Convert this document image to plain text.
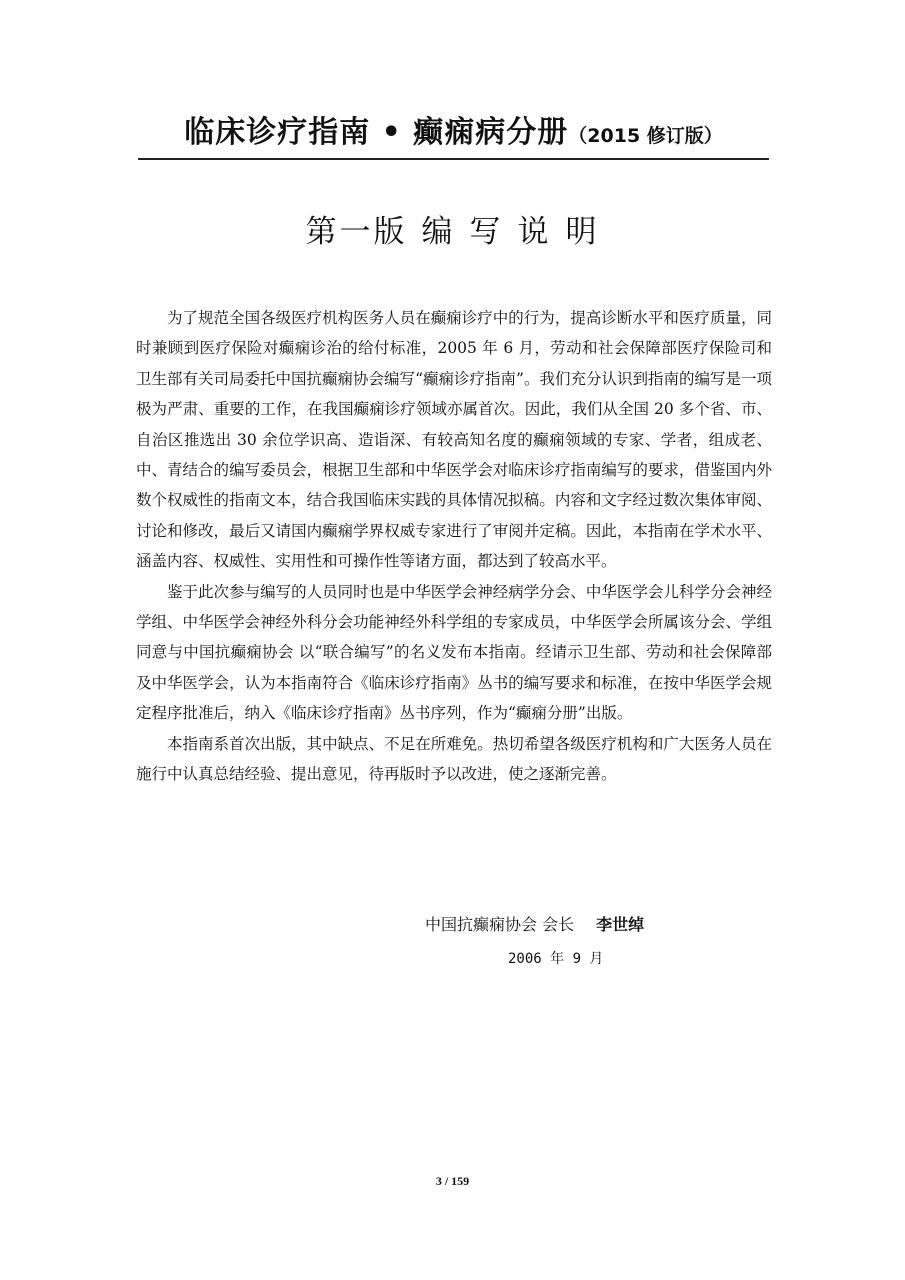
临床诊疗指南 • 癫痫病分册（2015 修订版）
第一版 编 写 说 明

为了规范全国各级医疗机构医务人员在癫痫诊疗中的行为，提高诊断水平和医疗质量，同时兼顾到医疗保险对癫痫诊治的给付标准，2005 年 6 月，劳动和社会保障部医疗保险司和卫生部有关司局委托中国抗癫痫协会编写“癫痫诊疗指南”。我们充分认识到指南的编写是一项极为严肃、重要的工作，在我国癫痫诊疗领域亦属首次。因此，我们从全国 20 多个省、市、自治区推选出 30 余位学识高、造诣深、有较高知名度的癫痫领域的专家、学者，组成老、中、青结合的编写委员会，根据卫生部和中华医学会对临床诊疗指南编写的要求，借鉴国内外数个权威性的指南文本，结合我国临床实践的具体情况拟稿。内容和文字经过数次集体审阅、讨论和修改，最后又请国内癫痫学界权威专家进行了审阅并定稿。因此，本指南在学术水平、涵盖内容、权威性、实用性和可操作性等诸方面，都达到了较高水平。

鉴于此次参与编写的人员同时也是中华医学会神经病学分会、中华医学会儿科学分会神经学组、中华医学会神经外科分会功能神经外科学组的专家成员，中华医学会所属该分会、学组同意与中国抗癫痫协会 以“联合编写”的名义发布本指南。经请示卫生部、劳动和社会保障部及中华医学会，认为本指南符合《临床诊疗指南》丛书的编写要求和标准，在按中华医学会规定程序批准后，纳入《临床诊疗指南》丛书序列，作为“癫痫分册”出版。

本指南系首次出版，其中缺点、不足在所难免。热切希望各级医疗机构和广大医务人员在施行中认真总结经验、提出意见，待再版时予以改进，使之逐渐完善。

中国抗癫痫协会 会长 李世绰
2006 年 9 月
3 / 159
